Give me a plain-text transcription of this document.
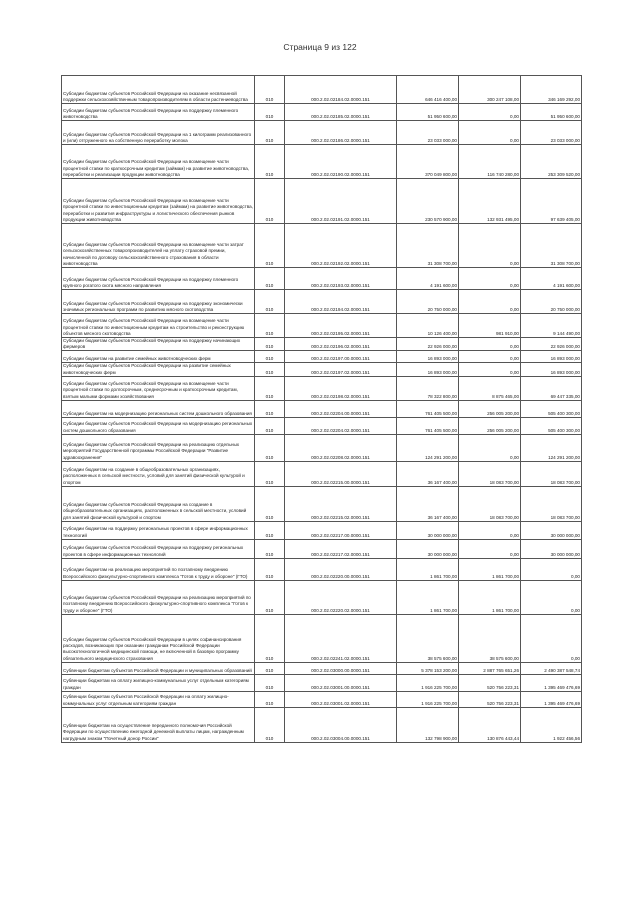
Страница 9 из 122
Субсидии бюджетам субъектов Российской Федерации на оказание несвязанной поддержки сельскохозяйственным товаропроизводителям в области растениеводства	010	000.2.02.02184.02.0000.151	646 416 400,00	300 247 108,00	346 169 292,00
Субсидии бюджетам субъектов Российской Федерации на поддержку племенного животноводства	010	000.2.02.02185.02.0000.151	51 950 600,00	0,00	51 950 600,00
Субсидии бюджетам субъектов Российской Федерации на 1 килограмм реализованного и (или) отгруженного на собственную переработку молока	010	000.2.02.02186.02.0000.151	23 033 000,00	0,00	23 033 000,00
Субсидии бюджетам субъектов Российской Федерации на возмещение части процентной ставки по краткосрочным кредитам (займам) на развитие животноводства, переработки и реализации продукции животноводства	010	000.2.02.02190.02.0000.151	370 049 800,00	116 740 280,00	253 309 520,00
Субсидии бюджетам субъектов Российской Федерации на возмещение части процентной ставки по инвестиционным кредитам (займам) на развитие животноводства, переработки и развития инфраструктуры и логистического обеспечения рынков продукции животноводства	010	000.2.02.02191.02.0000.151	230 570 900,00	132 931 495,00	97 639 405,00
Субсидии бюджетам субъектов Российской Федерации на возмещение части затрат сельскохозяйственных товаропроизводителей на уплату страховой премии, начисленной по договору сельскохозяйственного страхования в области животноводства	010	000.2.02.02192.02.0000.151	31 308 700,00	0,00	31 308 700,00
Субсидии бюджетам субъектов Российской Федерации на поддержку племенного крупного рогатого скота мясного направления	010	000.2.02.02193.02.0000.151	4 191 600,00	0,00	4 191 600,00
Субсидии бюджетам субъектов Российской Федерации на поддержку экономически значимых региональных программ по развитию мясного скотоводства	010	000.2.02.02194.02.0000.151	20 750 000,00	0,00	20 750 000,00
Субсидии бюджетам субъектов Российской Федерации на возмещение части процентной ставки по инвестиционным кредитам на строительство и реконструкцию объектов мясного скотоводства	010	000.2.02.02195.02.0000.151	10 126 400,00	981 910,00	9 144 490,00
Субсидии бюджетам субъектов Российской Федерации на поддержку начинающих фермеров	010	000.2.02.02196.02.0000.151	22 926 000,00	0,00	22 926 000,00
Субсидии бюджетам на развитие семейных животноводческих ферм	010	000.2.02.02197.00.0000.151	16 893 000,00	0,00	16 893 000,00
Субсидии бюджетам субъектов Российской Федерации на развитие семейных животноводческих ферм	010	000.2.02.02197.02.0000.151	16 893 000,00	0,00	16 893 000,00
Субсидии бюджетам субъектов Российской Федерации на возмещение части процентной ставки по долгосрочным, среднесрочным и краткосрочным кредитам, взятым малыми формами хозяйствования	010	000.2.02.02198.02.0000.151	78 322 800,00	8 875 465,00	69 447 335,00
Субсидии бюджетам на модернизацию региональных систем дошкольного образования	010	000.2.02.02204.00.0000.151	761 405 500,00	256 005 200,00	505 400 300,00
Субсидии бюджетам субъектов Российской Федерации на модернизацию региональных систем дошкольного образования	010	000.2.02.02204.02.0000.151	761 405 500,00	256 005 200,00	505 400 300,00
Субсидии бюджетам субъектов Российской Федерации на реализацию отдельных мероприятий Государственной программы Российской Федерации "Развитие здравоохранения"	010	000.2.02.02208.02.0000.151	124 291 200,00	0,00	124 291 200,00
Субсидии бюджетам на создание в общеобразовательных организациях, расположенных в сельской местности, условий для занятий физической культурой и спортом	010	000.2.02.02215.00.0000.151	36 167 400,00	18 083 700,00	18 083 700,00
Субсидии бюджетам субъектов Российской Федерации на создание в общеобразовательных организациях, расположенных в сельской местности, условий для занятий физической культурой и спортом	010	000.2.02.02215.02.0000.151	36 167 400,00	18 083 700,00	18 083 700,00
Субсидии бюджетам на поддержку региональных проектов в сфере информационных технологий	010	000.2.02.02217.00.0000.151	30 000 000,00	0,00	30 000 000,00
Субсидии бюджетам субъектов Российской Федерации на поддержку региональных проектов в сфере информационных технологий	010	000.2.02.02217.02.0000.151	30 000 000,00	0,00	30 000 000,00
Субсидии бюджетам на реализацию мероприятий по поэтапному внедрению Всероссийского физкультурно-спортивного комплекса "Готов к труду и обороне" (ГТО)	010	000.2.02.02220.00.0000.151	1 861 700,00	1 861 700,00	0,00
Субсидии бюджетам субъектов Российской Федерации на реализацию мероприятий по поэтапному внедрению Всероссийского физкультурно-спортивного комплекса "Готов к труду и обороне" (ГТО)	010	000.2.02.02220.02.0000.151	1 861 700,00	1 861 700,00	0,00
Субсидии бюджетам субъектов Российской Федерации в целях софинансирования расходов, возникающих при оказании гражданам Российской Федерации высокотехнологичной медицинской помощи, не включенной в базовую программу обязательного медицинского страхования	010	000.2.02.02241.02.0000.151	38 575 600,00	38 575 600,00	0,00
Субвенции бюджетам субъектов Российской Федерации и муниципальных образований	010	000.2.02.03000.00.0000.151	5 378 153 200,00	2 887 765 651,26	2 490 387 548,74
Субвенции бюджетам на оплату жилищно-коммунальных услуг отдельным категориям граждан	010	000.2.02.03001.00.0000.151	1 916 225 700,00	520 756 223,31	1 395 469 476,69
Субвенции бюджетам субъектов Российской Федерации на оплату жилищно-коммунальных услуг отдельным категориям граждан	010	000.2.02.03001.02.0000.151	1 916 225 700,00	520 756 223,31	1 395 469 476,69
Субвенции бюджетам на осуществление переданного полномочия Российской Федерации по осуществлению ежегодной денежной выплаты лицам, награжденным нагрудным знаком "Почетный донор России"	010	000.2.02.03004.00.0000.151	132 798 900,00	130 876 443,44	1 922 456,56
